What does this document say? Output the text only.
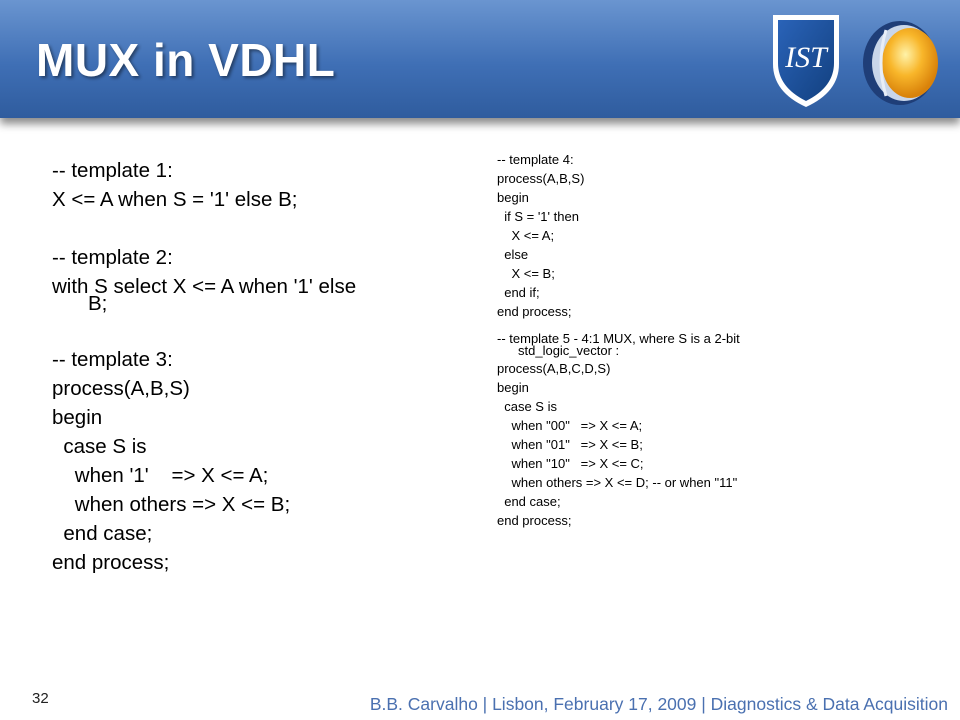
MUX in VDHL	IST
-- template 1:
X <= A when S = '1' else B;
-- template 2:
with S select X <= A when '1' else
B;
-- template 3:
process(A,B,S)
begin
case S is
when '1'    => X <= A;
when others => X <= B;
end case;
end process;
-- template 4:
process(A,B,S)
begin
if S = '1' then
X <= A;
else
X <= B;
end if;
end process;
-- template 5 - 4:1 MUX, where S is a 2-bit
std_logic_vector :
process(A,B,C,D,S)
begin
case S is
when "00"   => X <= A;
when "01"   => X <= B;
when "10"   => X <= C;
when others => X <= D; -- or when "11"
end case;
end process;
32	B.B. Carvalho | Lisbon, February 17, 2009 | Diagnostics & Data Acquisition
